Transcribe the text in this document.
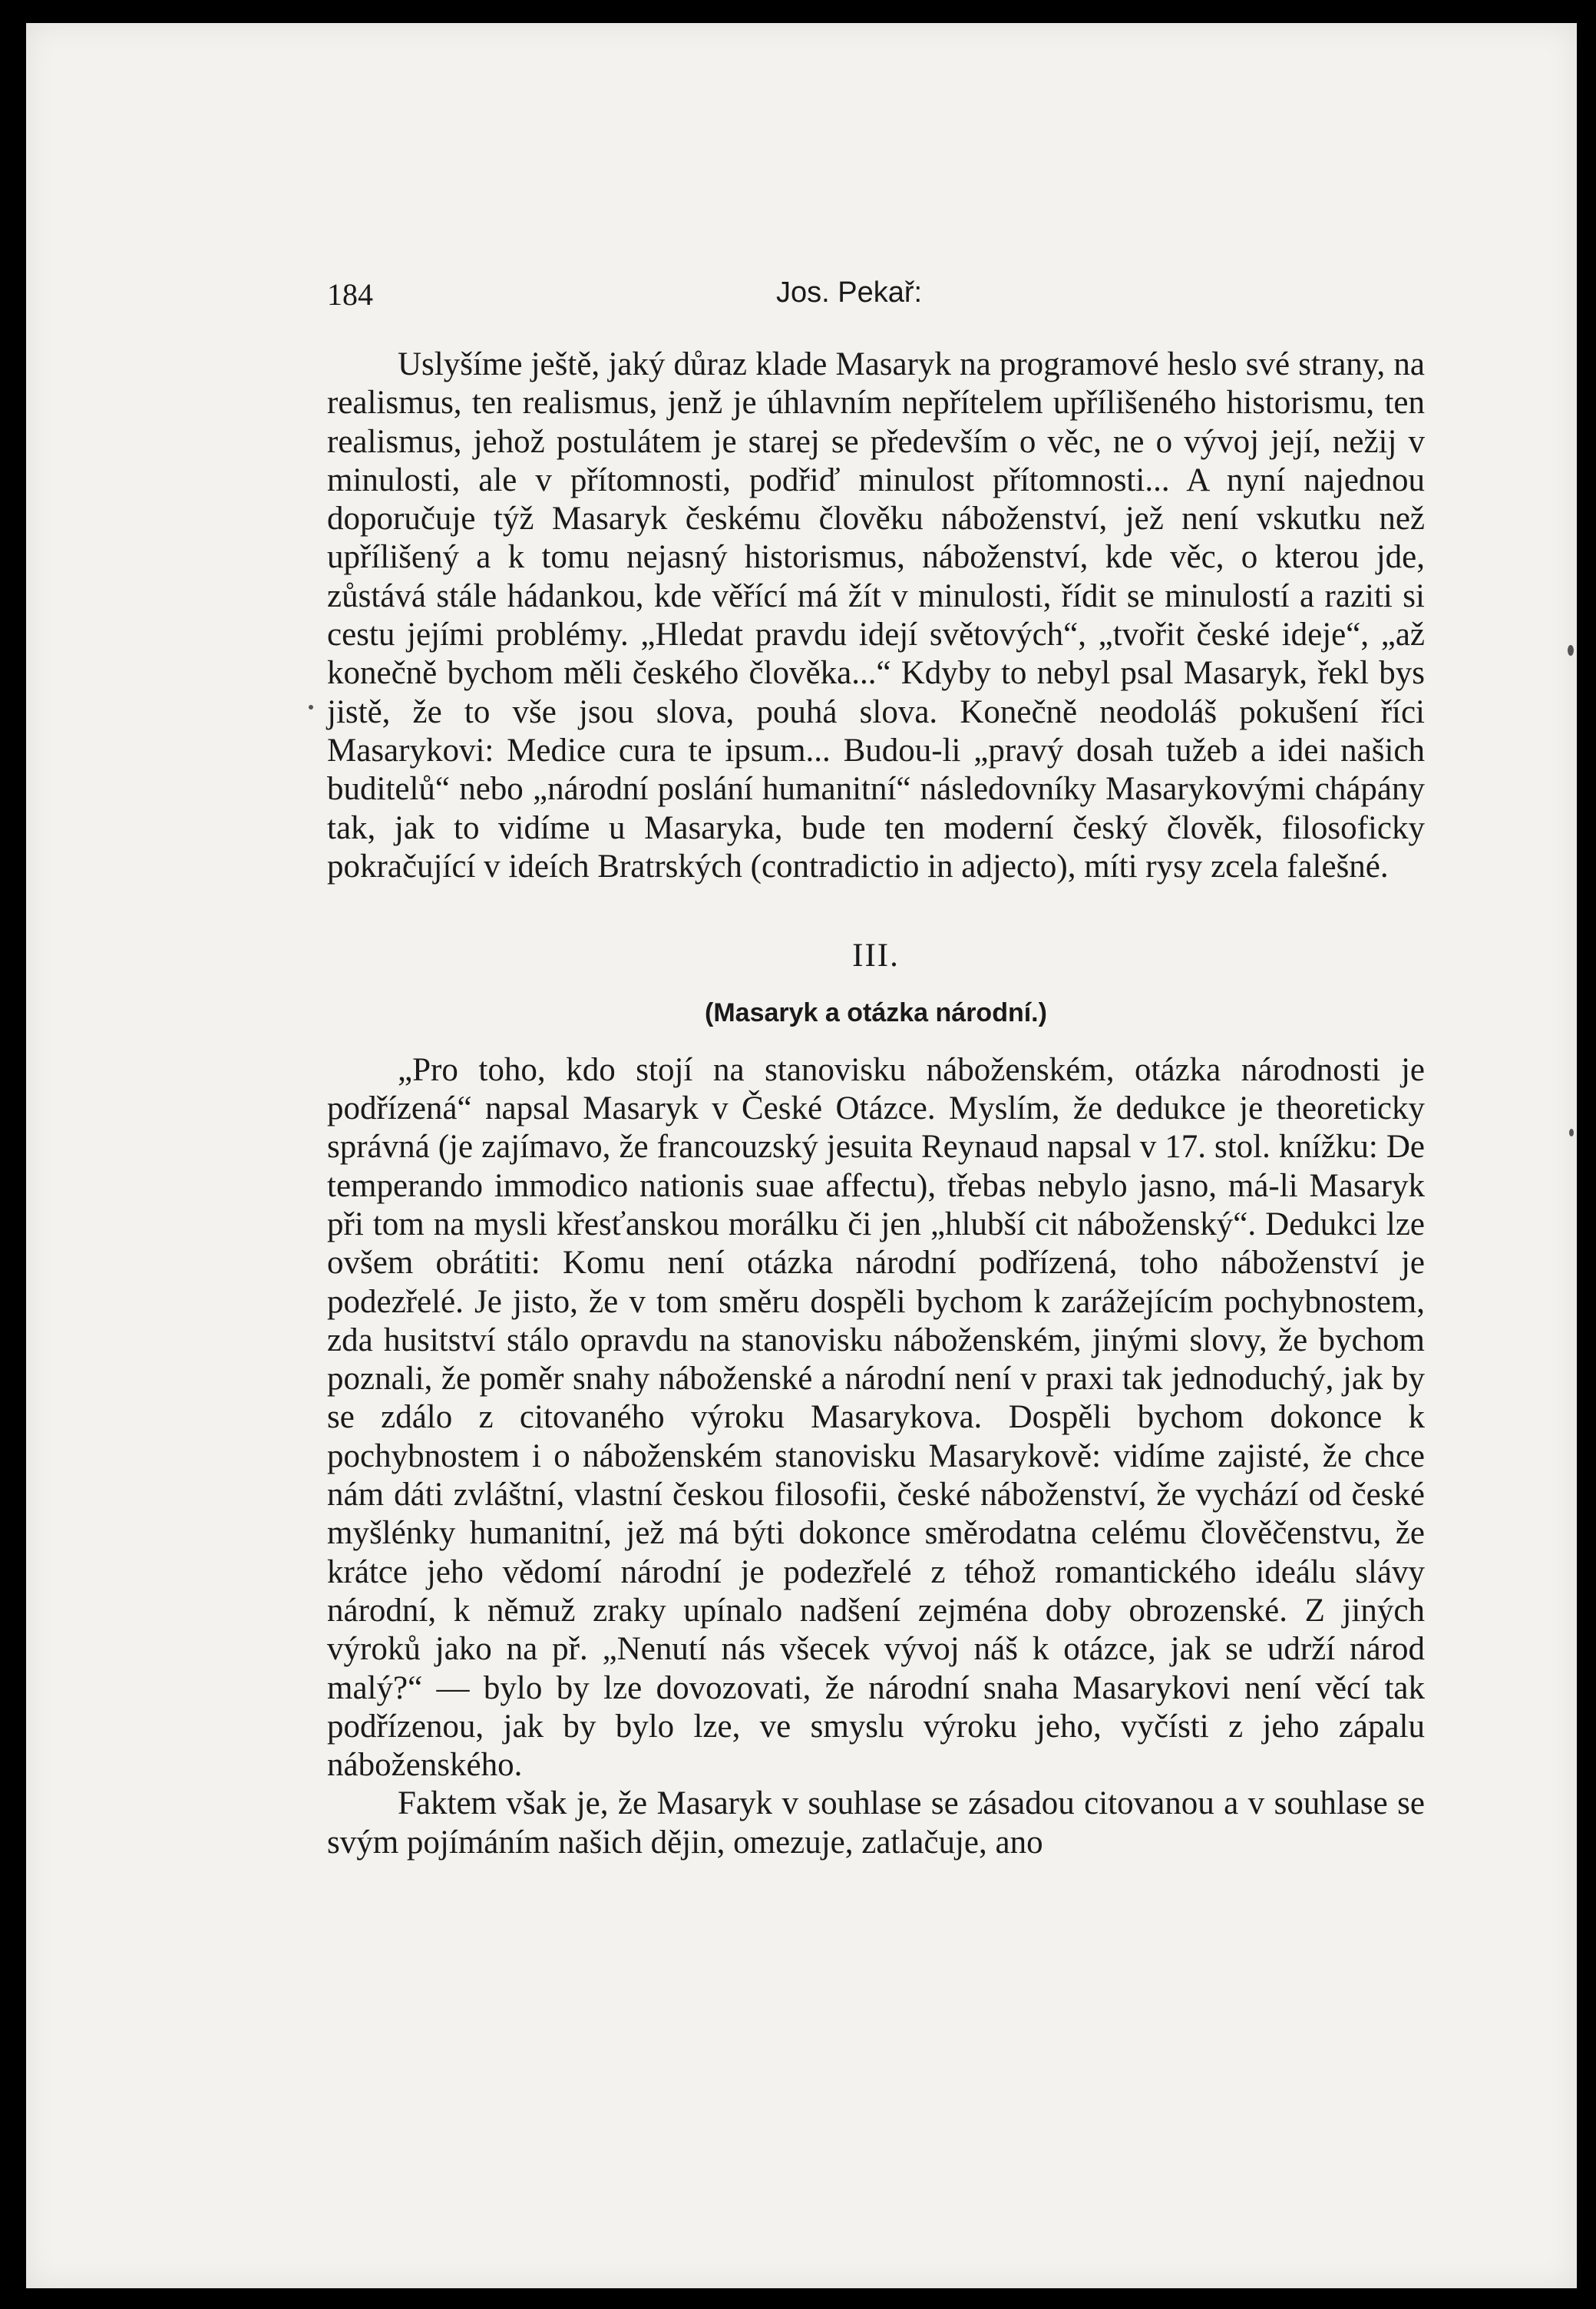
184	Jos. Pekař:

Uslyšíme ještě, jaký důraz klade Masaryk na programové heslo své strany, na realismus, ten realismus, jenž je úhlavním nepřítelem upřílišeného historismu, ten realismus, jehož postulátem je starej se především o věc, ne o vývoj její, nežij v minulosti, ale v přítomnosti, podřiď minulost přítomnosti... A nyní najednou doporučuje týž Masaryk českému člověku náboženství, jež není vskutku než upřílišený a k tomu nejasný historismus, náboženství, kde věc, o kterou jde, zůstává stále hádankou, kde věřící má žít v minulosti, řídit se minulostí a raziti si cestu jejími problémy. „Hledat pravdu idejí světových“, „tvořit české ideje“, „až konečně bychom měli českého člověka...“ Kdyby to nebyl psal Masaryk, řekl bys jistě, že to vše jsou slova, pouhá slova. Konečně neodoláš pokušení říci Masarykovi: Medice cura te ipsum... Budou-li „pravý dosah tužeb a idei našich buditelů“ nebo „národní poslání humanitní“ následovníky Masarykovými chápány tak, jak to vidíme u Masaryka, bude ten moderní český člověk, filosoficky pokračující v ideích Bratrských (contradictio in adjecto), míti rysy zcela falešné.

III.
(Masaryk a otázka národní.)

„Pro toho, kdo stojí na stanovisku náboženském, otázka národnosti je podřízená“ napsal Masaryk v České Otázce. Myslím, že dedukce je theoreticky správná (je zajímavo, že francouzský jesuita Reynaud napsal v 17. stol. knížku: De temperando immodico nationis suae affectu), třebas nebylo jasno, má-li Masaryk při tom na mysli křesťanskou morálku či jen „hlubší cit náboženský“. Dedukci lze ovšem obrátiti: Komu není otázka národní podřízená, toho náboženství je podezřelé. Je jisto, že v tom směru dospěli bychom k zarážejícím pochybnostem, zda husitství stálo opravdu na stanovisku náboženském, jinými slovy, že bychom poznali, že poměr snahy náboženské a národní není v praxi tak jednoduchý, jak by se zdálo z citovaného výroku Masarykova. Dospěli bychom dokonce k pochybnostem i o náboženském stanovisku Masarykově: vidíme zajisté, že chce nám dáti zvláštní, vlastní českou filosofii, české náboženství, že vychází od české myšlénky humanitní, jež má býti dokonce směrodatna celému člověčenstvu, že krátce jeho vědomí národní je podezřelé z téhož romantického ideálu slávy národní, k němuž zraky upínalo nadšení zejména doby obrozenské. Z jiných výroků jako na př. „Nenutí nás všecek vývoj náš k otázce, jak se udrží národ malý?“ — bylo by lze dovozovati, že národní snaha Masarykovi není věcí tak podřízenou, jak by bylo lze, ve smyslu výroku jeho, vyčísti z jeho zápalu náboženského.

Faktem však je, že Masaryk v souhlase se zásadou citovanou a v souhlase se svým pojímáním našich dějin, omezuje, zatlačuje, ano
